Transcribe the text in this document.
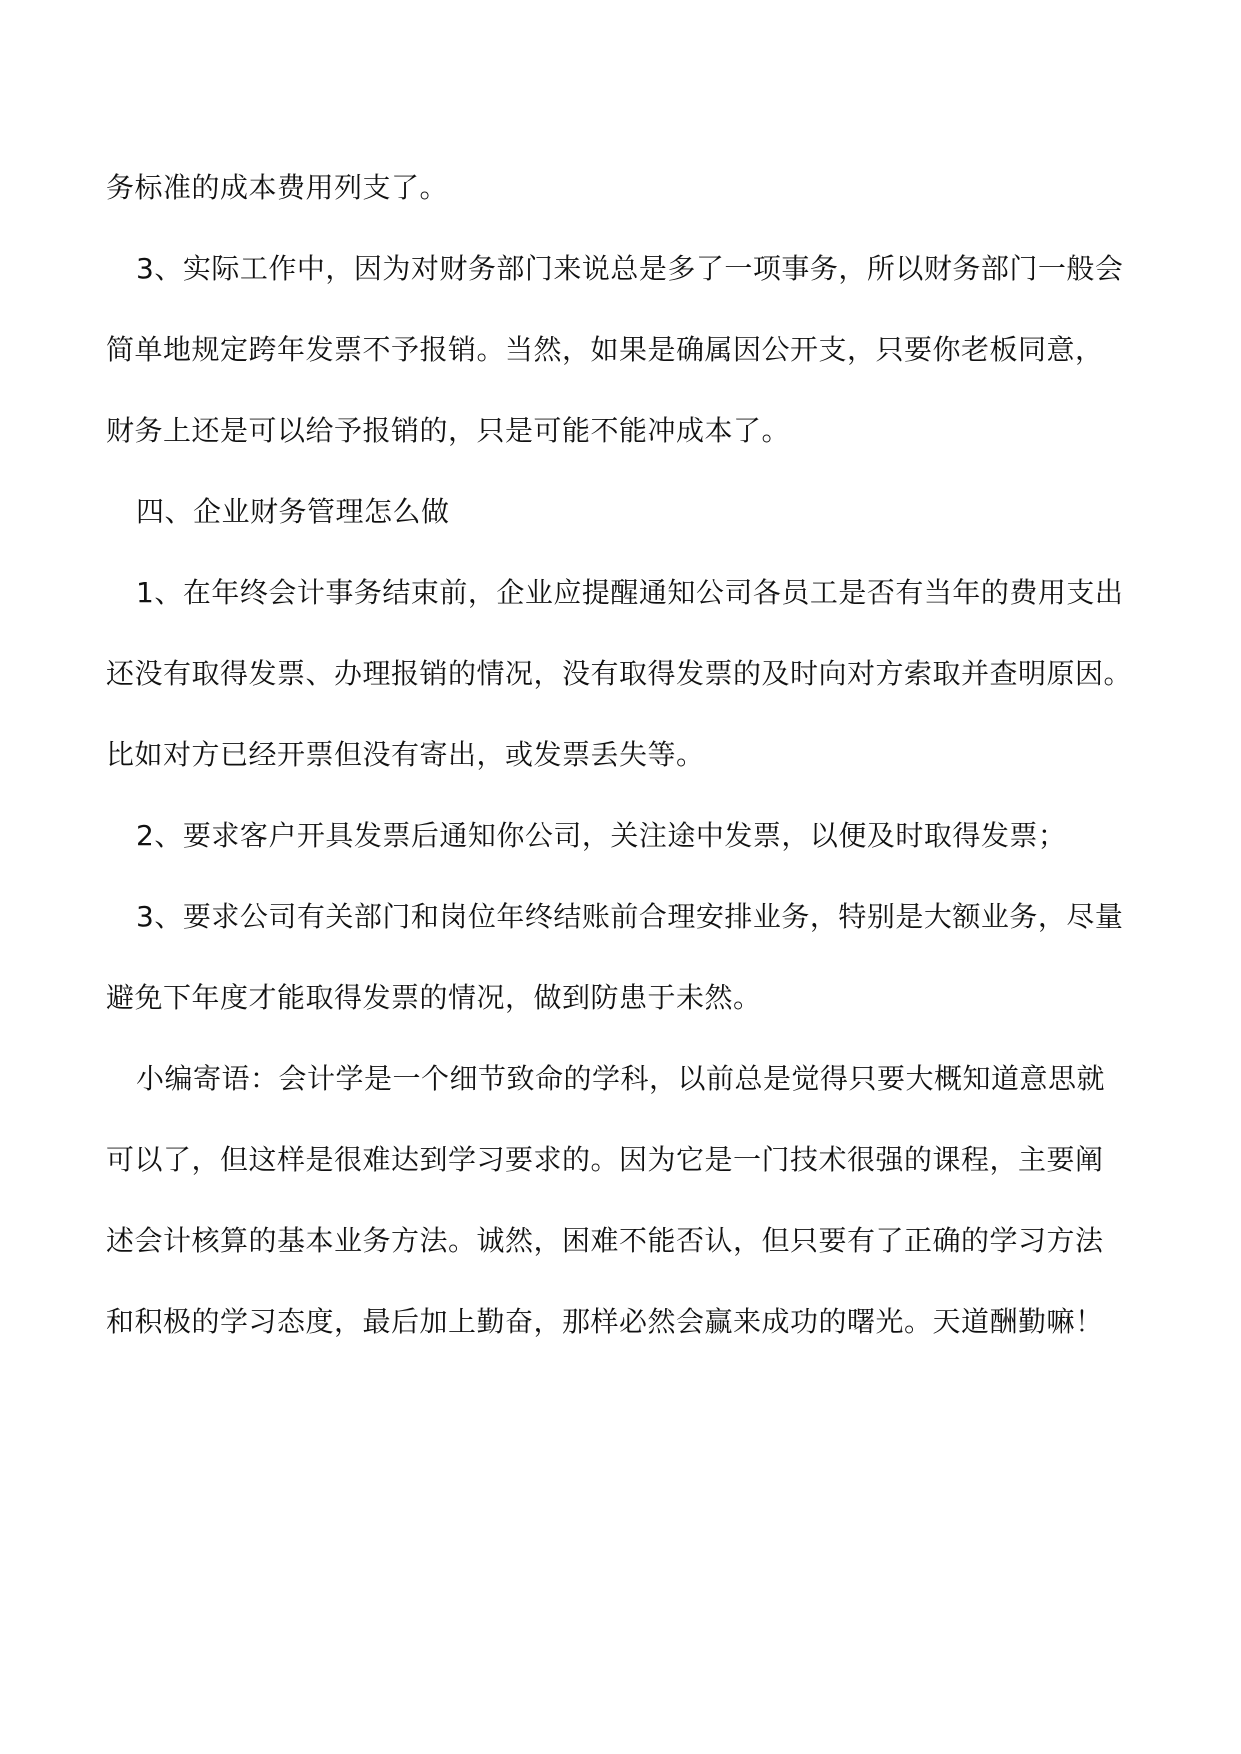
务标准的成本费用列支了。
3、实际工作中，因为对财务部门来说总是多了一项事务，所以财务部门一般会
简单地规定跨年发票不予报销。当然，如果是确属因公开支，只要你老板同意，
财务上还是可以给予报销的，只是可能不能冲成本了。
四、企业财务管理怎么做
1、在年终会计事务结束前，企业应提醒通知公司各员工是否有当年的费用支出
还没有取得发票、办理报销的情况，没有取得发票的及时向对方索取并查明原因。
比如对方已经开票但没有寄出，或发票丢失等。
2、要求客户开具发票后通知你公司，关注途中发票，以便及时取得发票；
3、要求公司有关部门和岗位年终结账前合理安排业务，特别是大额业务，尽量
避免下年度才能取得发票的情况，做到防患于未然。
小编寄语：会计学是一个细节致命的学科，以前总是觉得只要大概知道意思就
可以了，但这样是很难达到学习要求的。因为它是一门技术很强的课程，主要阐
述会计核算的基本业务方法。诚然，困难不能否认，但只要有了正确的学习方法
和积极的学习态度，最后加上勤奋，那样必然会赢来成功的曙光。天道酬勤嘛！
